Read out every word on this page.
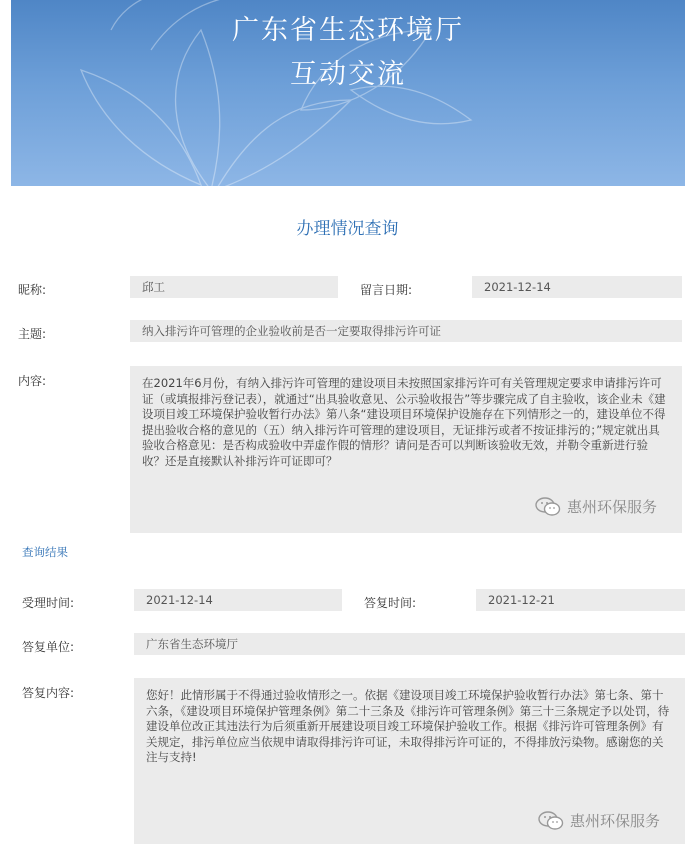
广东省生态环境厅
互动交流
办理情况查询
昵称:	邱工	留言日期:	2021-12-14
主题:	纳入排污许可管理的企业验收前是否一定要取得排污许可证
内容:	在2021年6月份，有纳入排污许可管理的建设项目未按照国家排污许可有关管理规定要求申请排污许可证（或填报排污登记表），就通过“出具验收意见、公示验收报告”等步骤完成了自主验收，该企业未《建设项目竣工环境保护验收暂行办法》第八条“建设项目环境保护设施存在下列情形之一的，建设单位不得提出验收合格的意见的（五）纳入排污许可管理的建设项目，无证排污或者不按证排污的；”规定就出具验收合格意见：是否构成验收中弄虚作假的情形？请问是否可以判断该验收无效，并勒令重新进行验收？还是直接默认补排污许可证即可？
惠州环保服务
查询结果
受理时间:	2021-12-14	答复时间:	2021-12-21
答复单位:	广东省生态环境厅
答复内容:	您好！此情形属于不得通过验收情形之一。依据《建设项目竣工环境保护验收暂行办法》第七条、第十六条，《建设项目环境保护管理条例》第二十三条及《排污许可管理条例》第三十三条规定予以处罚，待建设单位改正其违法行为后须重新开展建设项目竣工环境保护验收工作。根据《排污许可管理条例》有关规定，排污单位应当依规申请取得排污许可证，未取得排污许可证的，不得排放污染物。感谢您的关注与支持!
惠州环保服务
